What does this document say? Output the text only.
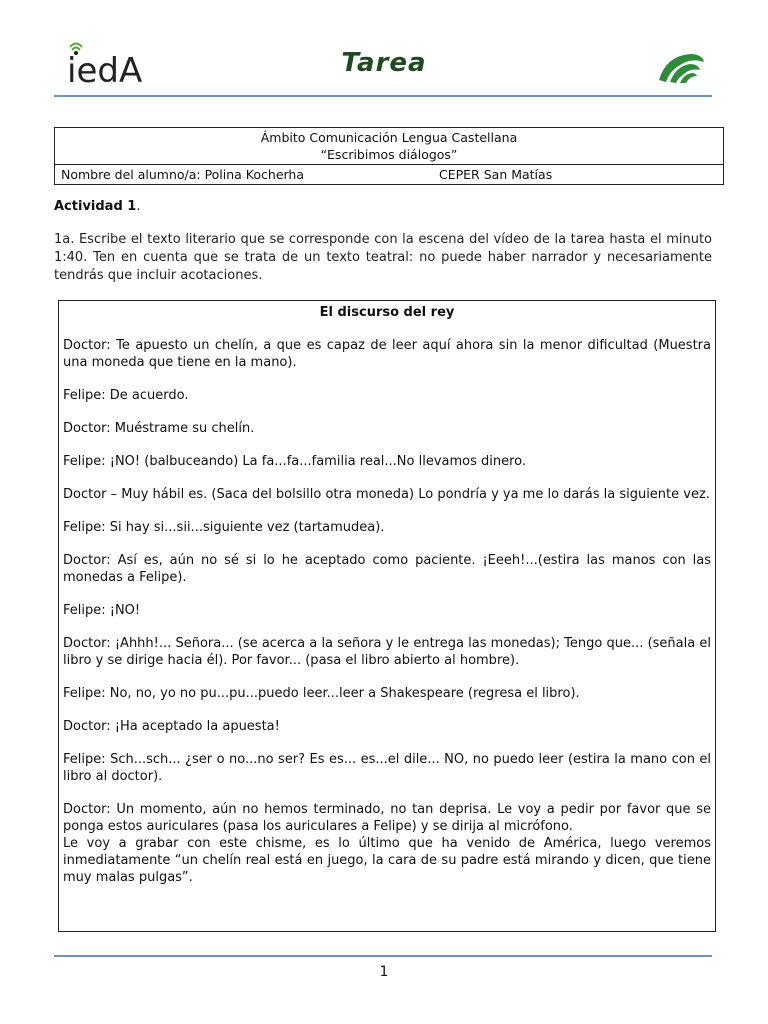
iedA	Tarea
Ámbito Comunicación Lengua Castellana
“Escribimos diálogos”

Nombre del alumno/a: Polina Kocherha	CEPER San Matías
Actividad 1.
1a. Escribe el texto literario que se corresponde con la escena del vídeo de la tarea hasta el minuto 1:40. Ten en cuenta que se trata de un texto teatral: no puede haber narrador y necesariamente tendrás que incluir acotaciones.
El discurso del rey

Doctor: Te apuesto un chelín, a que es capaz de leer aquí ahora sin la menor dificultad (Muestra una moneda que tiene en la mano).

Felipe: De acuerdo.

Doctor: Muéstrame su chelín.

Felipe: ¡NO! (balbuceando) La fa...fa...familia real...No llevamos dinero.

Doctor – Muy hábil es. (Saca del bolsillo otra moneda) Lo pondría y ya me lo darás la siguiente vez.

Felipe: Si hay si...sii...siguiente vez (tartamudea).

Doctor: Así es, aún no sé si lo he aceptado como paciente. ¡Eeeh!...(estira las manos con las monedas a Felipe).

Felipe: ¡NO!

Doctor: ¡Ahhh!... Señora... (se acerca a la señora y le entrega las monedas); Tengo que... (señala el libro y se dirige hacia él). Por favor... (pasa el libro abierto al hombre).

Felipe: No, no, yo no pu...pu...puedo leer...leer a Shakespeare (regresa el libro).

Doctor: ¡Ha aceptado la apuesta!

Felipe: Sch...sch... ¿ser o no...no ser? Es es... es...el dile... NO, no puedo leer (estira la mano con el libro al doctor).

Doctor: Un momento, aún no hemos terminado, no tan deprisa. Le voy a pedir por favor que se ponga estos auriculares (pasa los auriculares a Felipe) y se dirija al micrófono.

Le voy a grabar con este chisme, es lo último que ha venido de América, luego veremos inmediatamente “un chelín real está en juego, la cara de su padre está mirando y dicen, que tiene muy malas pulgas”.

1
